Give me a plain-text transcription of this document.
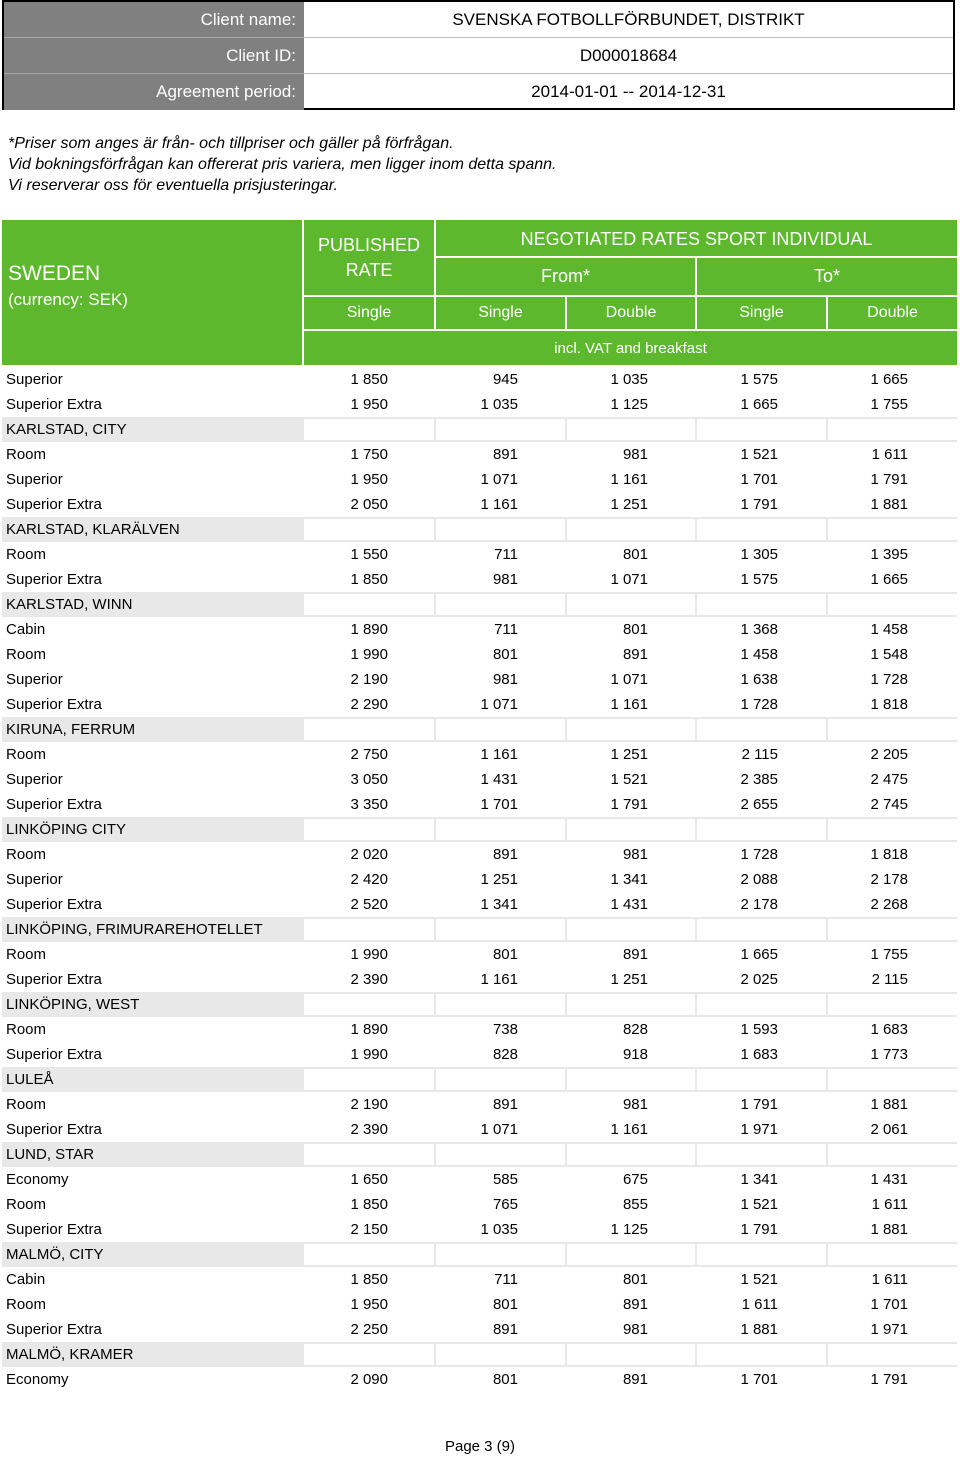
Client name:	SVENSKA FOTBOLLFÖRBUNDET, DISTRIKT
Client ID:	D000018684
Agreement period:	2014-01-01 -- 2014-12-31
*Priser som anges är från- och tillpriser och gäller på förfrågan.
Vid bokningsförfrågan kan offererat pris variera, men ligger inom detta spann.
Vi reserverar oss för eventuella prisjusteringar.
SWEDEN
(currency: SEK)
PUBLISHED
RATE
NEGOTIATED RATES SPORT INDIVIDUAL
From*	To*
Single	Single	Double	Single	Double
incl. VAT and breakfast
Superior	1 850	945	1 035	1 575	1 665
Superior Extra	1 950	1 035	1 125	1 665	1 755
KARLSTAD, CITY
Room	1 750	891	981	1 521	1 611
Superior	1 950	1 071	1 161	1 701	1 791
Superior Extra	2 050	1 161	1 251	1 791	1 881
KARLSTAD, KLARÄLVEN
Room	1 550	711	801	1 305	1 395
Superior Extra	1 850	981	1 071	1 575	1 665
KARLSTAD, WINN
Cabin	1 890	711	801	1 368	1 458
Room	1 990	801	891	1 458	1 548
Superior	2 190	981	1 071	1 638	1 728
Superior Extra	2 290	1 071	1 161	1 728	1 818
KIRUNA, FERRUM
Room	2 750	1 161	1 251	2 115	2 205
Superior	3 050	1 431	1 521	2 385	2 475
Superior Extra	3 350	1 701	1 791	2 655	2 745
LINKÖPING CITY
Room	2 020	891	981	1 728	1 818
Superior	2 420	1 251	1 341	2 088	2 178
Superior Extra	2 520	1 341	1 431	2 178	2 268
LINKÖPING, FRIMURAREHOTELLET
Room	1 990	801	891	1 665	1 755
Superior Extra	2 390	1 161	1 251	2 025	2 115
LINKÖPING, WEST
Room	1 890	738	828	1 593	1 683
Superior Extra	1 990	828	918	1 683	1 773
LULEÅ
Room	2 190	891	981	1 791	1 881
Superior Extra	2 390	1 071	1 161	1 971	2 061
LUND, STAR
Economy	1 650	585	675	1 341	1 431
Room	1 850	765	855	1 521	1 611
Superior Extra	2 150	1 035	1 125	1 791	1 881
MALMÖ, CITY
Cabin	1 850	711	801	1 521	1 611
Room	1 950	801	891	1 611	1 701
Superior Extra	2 250	891	981	1 881	1 971
MALMÖ, KRAMER
Economy	2 090	801	891	1 701	1 791
Page 3 (9)
